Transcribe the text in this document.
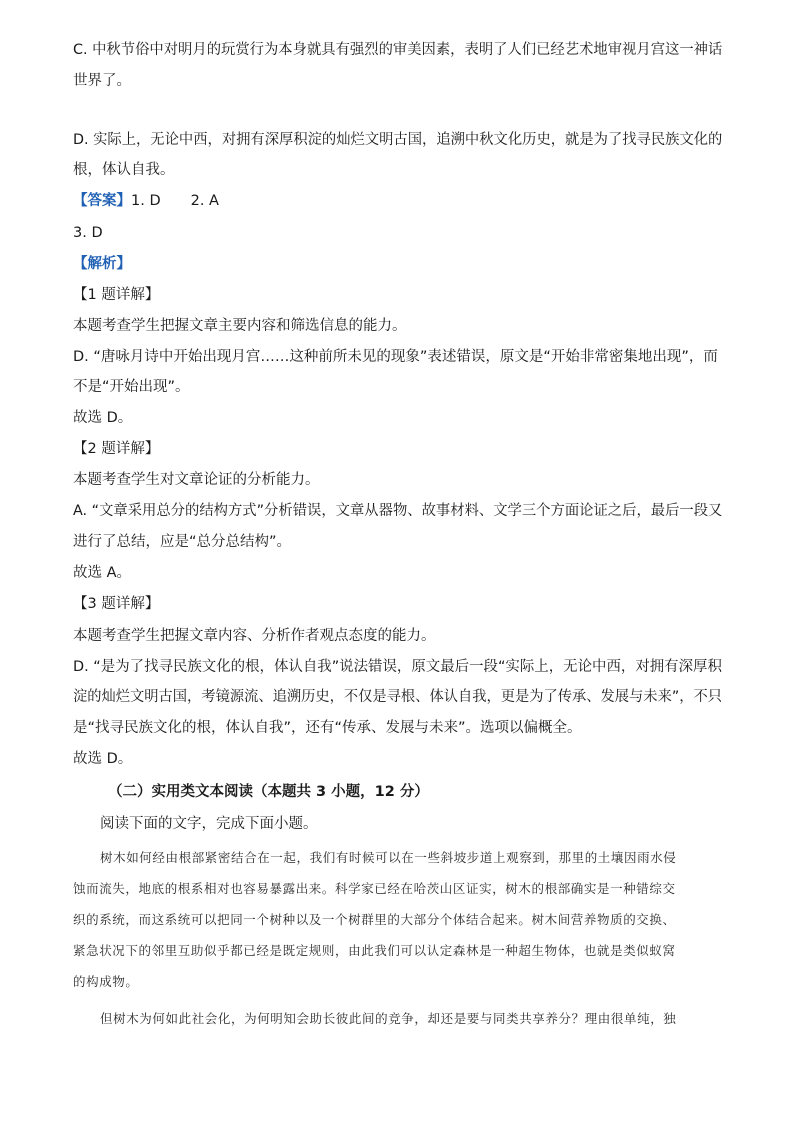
C. 中秋节俗中对明月的玩赏行为本身就具有强烈的审美因素，表明了人们已经艺术地审视月宫这一神话
世界了。
D. 实际上，无论中西，对拥有深厚积淀的灿烂文明古国，追溯中秋文化历史，就是为了找寻民族文化的
根，体认自我。
【答案】1. D 2. A
3. D
【解析】
【1 题详解】
本题考查学生把握文章主要内容和筛选信息的能力。
D. “唐咏月诗中开始出现月宫……这种前所未见的现象”表述错误，原文是“开始非常密集地出现”，而
不是“开始出现”。
故选 D。
【2 题详解】
本题考查学生对文章论证的分析能力。
A. “文章采用总分的结构方式”分析错误，文章从器物、故事材料、文学三个方面论证之后，最后一段又
进行了总结，应是“总分总结构”。
故选 A。
【3 题详解】
本题考查学生把握文章内容、分析作者观点态度的能力。
D. “是为了找寻民族文化的根，体认自我”说法错误，原文最后一段“实际上，无论中西，对拥有深厚积
淀的灿烂文明古国，考镜源流、追溯历史，不仅是寻根、体认自我，更是为了传承、发展与未来”，不只
是“找寻民族文化的根，体认自我”，还有“传承、发展与未来”。选项以偏概全。
故选 D。
（二）实用类文本阅读（本题共 3 小题，12 分）
阅读下面的文字，完成下面小题。
树木如何经由根部紧密结合在一起，我们有时候可以在一些斜坡步道上观察到，那里的土壤因雨水侵
蚀而流失，地底的根系相对也容易暴露出来。科学家已经在哈茨山区证实，树木的根部确实是一种错综交
织的系统，而这系统可以把同一个树种以及一个树群里的大部分个体结合起来。树木间营养物质的交换、
紧急状况下的邻里互助似乎都已经是既定规则，由此我们可以认定森林是一种超生物体，也就是类似蚁窝
的构成物。
但树木为何如此社会化，为何明知会助长彼此间的竞争，却还是要与同类共享养分？理由很单纯，独
